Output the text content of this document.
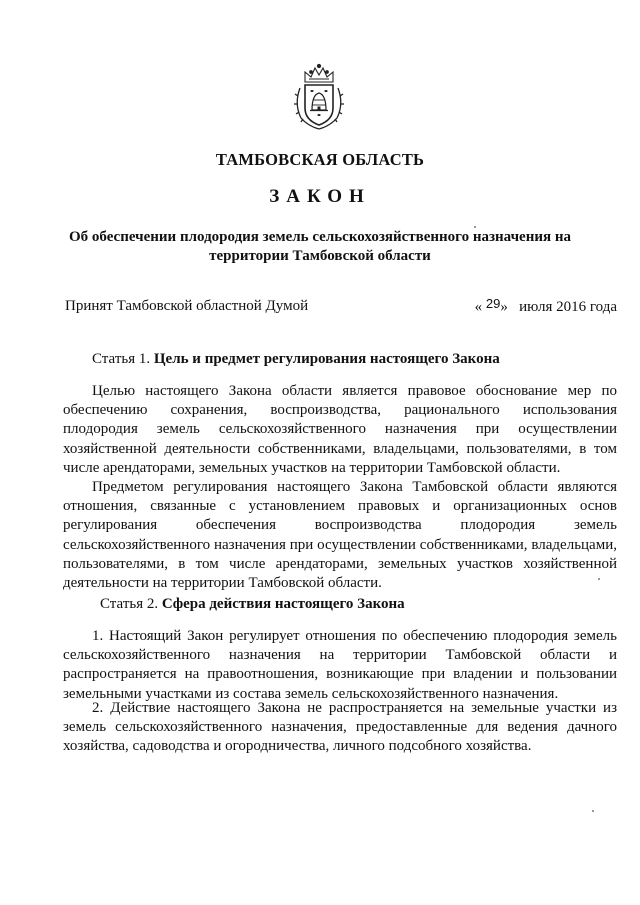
ТАМБОВСКАЯ ОБЛАСТЬ
ЗАКОН
Об обеспечении плодородия земель сельскохозяйственного назначения на территории Тамбовской области
Принят Тамбовской областной Думой	« 29» июля 2016 года
Статья 1. Цель и предмет регулирования настоящего Закона

Целью настоящего Закона области является правовое обоснование мер по обеспечению сохранения, воспроизводства, рационального использования плодородия земель сельскохозяйственного назначения при осуществлении хозяйственной деятельности собственниками, владельцами, пользователями, в том числе арендаторами, земельных участков на территории Тамбовской области.

Предметом регулирования настоящего Закона Тамбовской области являются отношения, связанные с установлением правовых и организационных основ регулирования обеспечения воспроизводства плодородия земель сельскохозяйственного назначения при осуществлении собственниками, владельцами, пользователями, в том числе арендаторами, земельных участков хозяйственной деятельности на территории Тамбовской области.

Статья 2. Сфера действия настоящего Закона

1. Настоящий Закон регулирует отношения по обеспечению плодородия земель сельскохозяйственного назначения на территории Тамбовской области и распространяется на правоотношения, возникающие при владении и пользовании земельными участками из состава земель сельскохозяйственного назначения.

2. Действие настоящего Закона не распространяется на земельные участки из земель сельскохозяйственного назначения, предоставленные для ведения дачного хозяйства, садоводства и огородничества, личного подсобного хозяйства.
